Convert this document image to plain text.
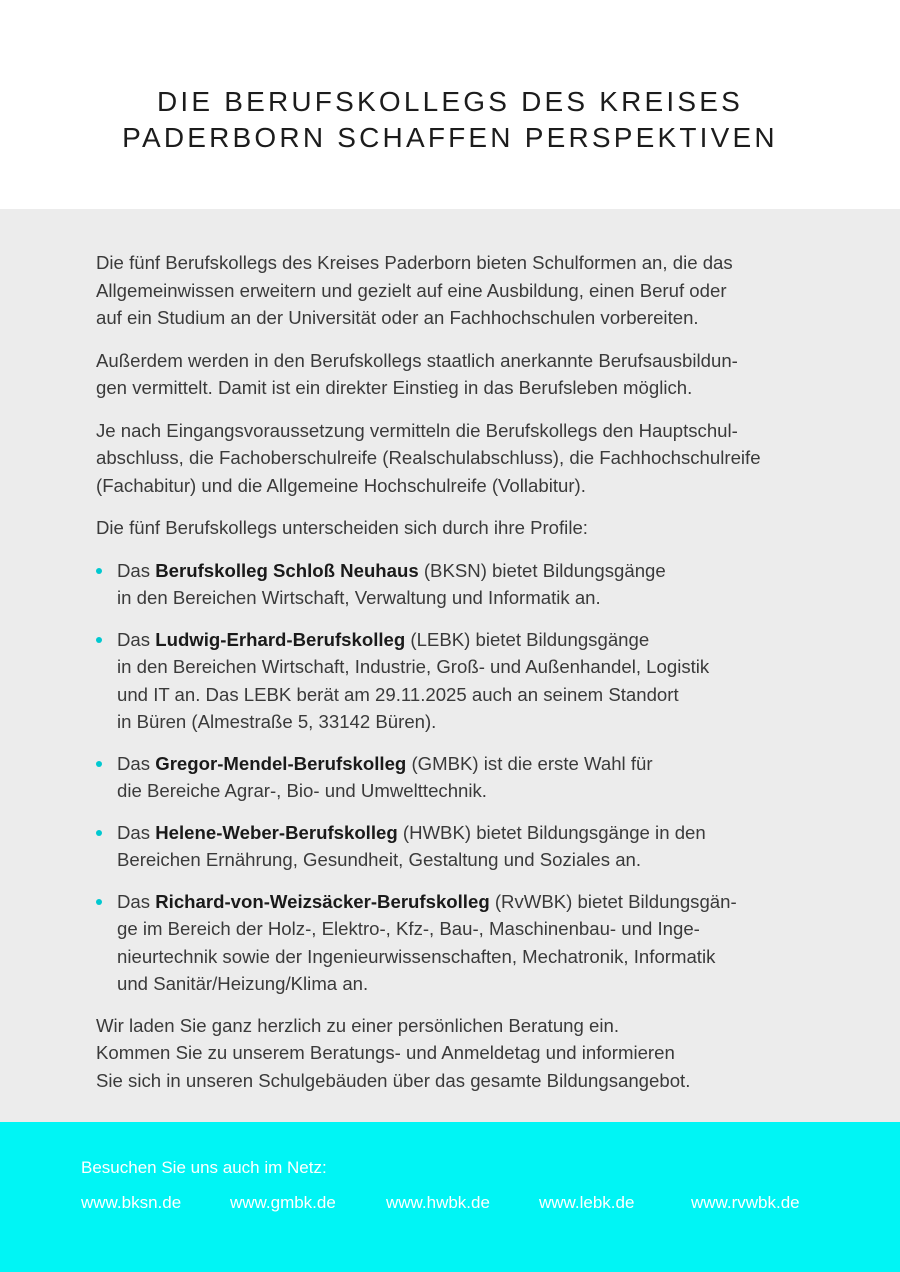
DIE BERUFSKOLLEGS DES KREISES
PADERBORN SCHAFFEN PERSPEKTIVEN

Die fünf Berufskollegs des Kreises Paderborn bieten Schulformen an, die das
Allgemeinwissen erweitern und gezielt auf eine Ausbildung, einen Beruf oder
auf ein Studium an der Universität oder an Fachhochschulen vorbereiten.

Außerdem werden in den Berufskollegs staatlich anerkannte Berufsausbildun-
gen vermittelt. Damit ist ein direkter Einstieg in das Berufsleben möglich.

Je nach Eingangsvoraussetzung vermitteln die Berufskollegs den Hauptschul-
abschluss, die Fachoberschulreife (Realschulabschluss), die Fachhochschulreife
(Fachabitur) und die Allgemeine Hochschulreife (Vollabitur).

Die fünf Berufskollegs unterscheiden sich durch ihre Profile:

Das Berufskolleg Schloß Neuhaus (BKSN) bietet Bildungsgänge
in den Bereichen Wirtschaft, Verwaltung und Informatik an.
Das Ludwig-Erhard-Berufskolleg (LEBK) bietet Bildungsgänge
in den Bereichen Wirtschaft, Industrie, Groß- und Außenhandel, Logistik
und IT an. Das LEBK berät am 29.11.2025 auch an seinem Standort
in Büren (Almestraße 5, 33142 Büren).
Das Gregor-Mendel-Berufskolleg (GMBK) ist die erste Wahl für
die Bereiche Agrar-, Bio- und Umwelttechnik.
Das Helene-Weber-Berufskolleg (HWBK) bietet Bildungsgänge in den
Bereichen Ernährung, Gesundheit, Gestaltung und Soziales an.
Das Richard-von-Weizsäcker-Berufskolleg (RvWBK) bietet Bildungsgän-
ge im Bereich der Holz-, Elektro-, Kfz-, Bau-, Maschinenbau- und Inge-
nieurtechnik sowie der Ingenieurwissenschaften, Mechatronik, Informatik
und Sanitär/Heizung/Klima an.

Wir laden Sie ganz herzlich zu einer persönlichen Beratung ein.
Kommen Sie zu unserem Beratungs- und Anmeldetag und informieren
Sie sich in unseren Schulgebäuden über das gesamte Bildungsangebot.

Besuchen Sie uns auch im Netz:
www.bksn.de	www.gmbk.de	www.hwbk.de	www.lebk.de	www.rvwbk.de
